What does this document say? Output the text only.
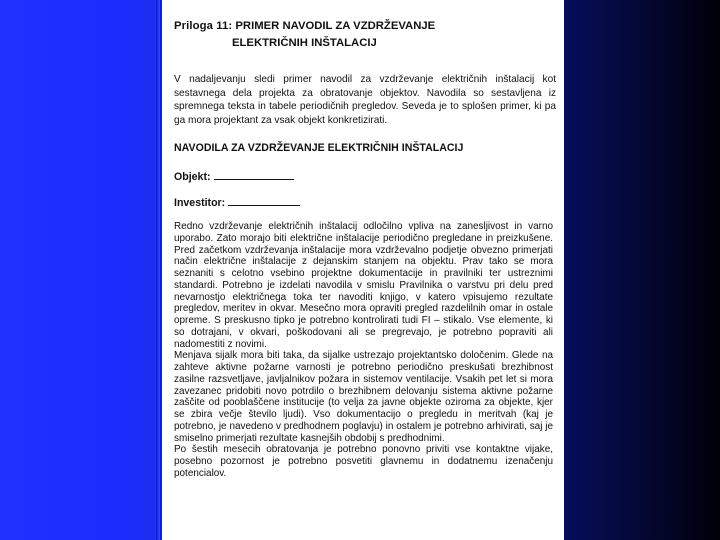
Priloga 11: PRIMER NAVODIL ZA VZDRŽEVANJE
ELEKTRIČNIH INŠTALACIJ
V nadaljevanju sledi primer navodil za vzdrževanje električnih inštalacij kot sestavnega dela projekta za obratovanje objektov. Navodila so sestavljena iz spremnega teksta in tabele periodičnih pregledov. Seveda je to splošen primer, ki pa ga mora projektant za vsak objekt konkretizirati.
NAVODILA ZA VZDRŽEVANJE ELEKTRIČNIH INŠTALACIJ
Objekt:
Investitor:

Redno vzdrževanje električnih inštalacij odločilno vpliva na zanesljivost in varno uporabo. Zato morajo biti električne inštalacije periodično pregledane in preizkušene. Pred začetkom vzdrževanja inštalacije mora vzdrževalno podjetje obvezno primerjati način električne inštalacije z dejanskim stanjem na objektu. Prav tako se mora seznaniti s celotno vsebino projektne dokumentacije in pravilniki ter ustreznimi standardi. Potrebno je izdelati navodila v smislu Pravilnika o varstvu pri delu pred nevarnostjo električnega toka ter navoditi knjigo, v katero vpisujemo rezultate pregledov, meritev in okvar. Mesečno mora opraviti pregled razdelilnih omar in ostale opreme. S preskusno tipko je potrebno kontrolirati tudi FI – stikalo. Vse elemente, ki so dotrajani, v okvari, poškodovani ali se pregrevajo, je potrebno popraviti ali nadomestiti z novimi.

Menjava sijalk mora biti taka, da sijalke ustrezajo projektantsko določenim. Glede na zahteve aktivne požarne varnosti je potrebno periodično preskušati brezhibnost zasilne razsvetljave, javljalnikov požara in sistemov ventilacije. Vsakih pet let si mora zavezanec pridobiti novo potrdilo o brezhibnem delovanju sistema aktivne požarne zaščite od pooblaščene institucije (to velja za javne objekte oziroma za objekte, kjer se zbira večje število ljudi). Vso dokumentacijo o pregledu in meritvah (kaj je potrebno, je navedeno v predhodnem poglavju) in ostalem je potrebno arhivirati, saj je smiselno primerjati rezultate kasnejših obdobij s predhodnimi.

Po šestih mesecih obratovanja je potrebno ponovno priviti vse kontaktne vijake, posebno pozornost je potrebno posvetiti glavnemu in dodatnemu izenačenju potencialov.
